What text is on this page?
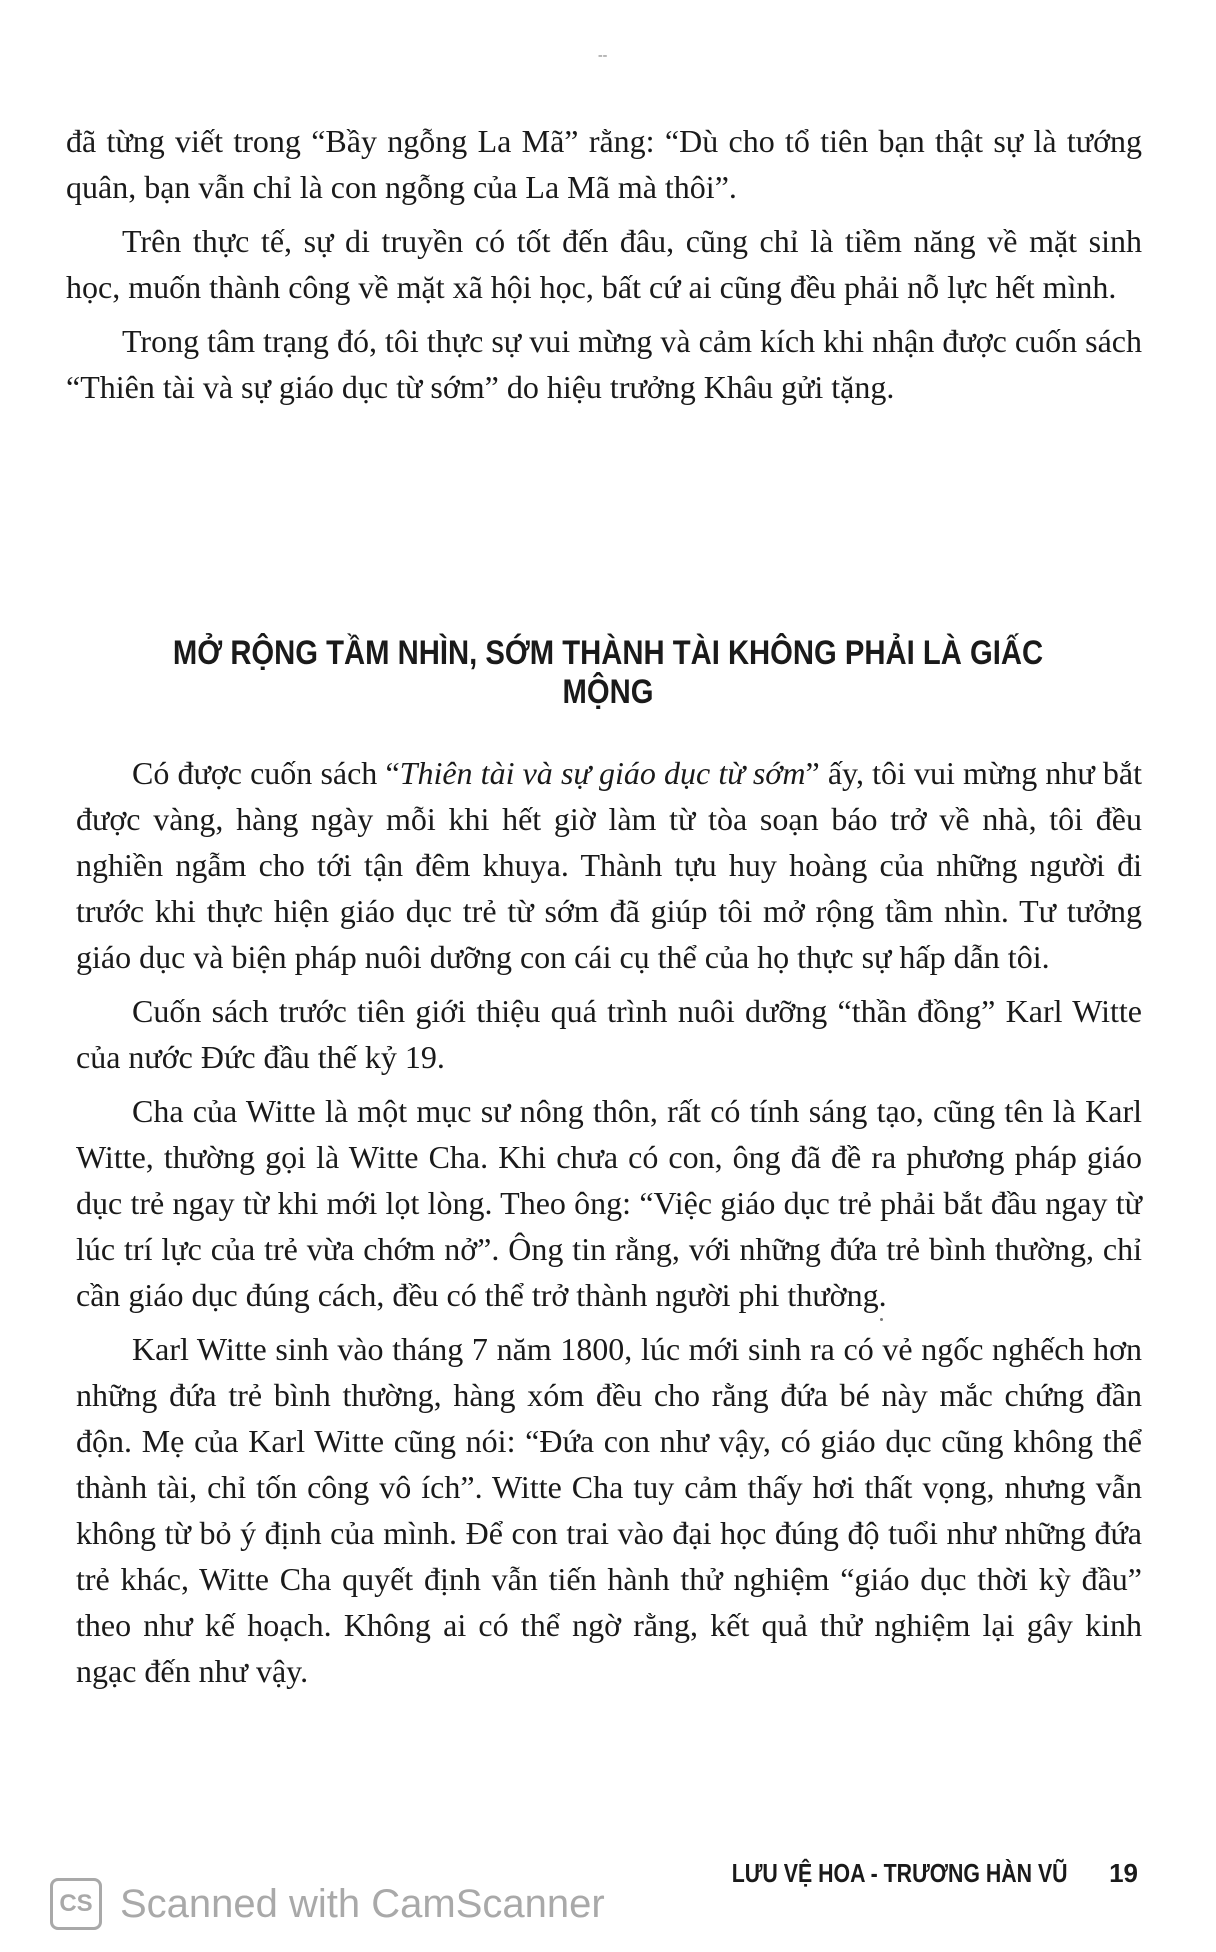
--

đã từng viết trong “Bầy ngỗng La Mã” rằng: “Dù cho tổ tiên bạn thật sự là tướng quân, bạn vẫn chỉ là con ngỗng của La Mã mà thôi”.

Trên thực tế, sự di truyền có tốt đến đâu, cũng chỉ là tiềm năng về mặt sinh học, muốn thành công về mặt xã hội học, bất cứ ai cũng đều phải nỗ lực hết mình.

Trong tâm trạng đó, tôi thực sự vui mừng và cảm kích khi nhận được cuốn sách “Thiên tài và sự giáo dục từ sớm” do hiệu trưởng Khâu gửi tặng.

MỞ RỘNG TẦM NHÌN, SỚM THÀNH TÀI KHÔNG PHẢI LÀ GIẤC MỘNG

Có được cuốn sách “Thiên tài và sự giáo dục từ sớm” ấy, tôi vui mừng như bắt được vàng, hàng ngày mỗi khi hết giờ làm từ tòa soạn báo trở về nhà, tôi đều nghiền ngẫm cho tới tận đêm khuya. Thành tựu huy hoàng của những người đi trước khi thực hiện giáo dục trẻ từ sớm đã giúp tôi mở rộng tầm nhìn. Tư tưởng giáo dục và biện pháp nuôi dưỡng con cái cụ thể của họ thực sự hấp dẫn tôi.

Cuốn sách trước tiên giới thiệu quá trình nuôi dưỡng “thần đồng” Karl Witte của nước Đức đầu thế kỷ 19.

Cha của Witte là một mục sư nông thôn, rất có tính sáng tạo, cũng tên là Karl Witte, thường gọi là Witte Cha. Khi chưa có con, ông đã đề ra phương pháp giáo dục trẻ ngay từ khi mới lọt lòng. Theo ông: “Việc giáo dục trẻ phải bắt đầu ngay từ lúc trí lực của trẻ vừa chớm nở”. Ông tin rằng, với những đứa trẻ bình thường, chỉ cần giáo dục đúng cách, đều có thể trở thành người phi thường.

Karl Witte sinh vào tháng 7 năm 1800, lúc mới sinh ra có vẻ ngốc nghếch hơn những đứa trẻ bình thường, hàng xóm đều cho rằng đứa bé này mắc chứng đần độn. Mẹ của Karl Witte cũng nói: “Đứa con như vậy, có giáo dục cũng không thể thành tài, chỉ tốn công vô ích”. Witte Cha tuy cảm thấy hơi thất vọng, nhưng vẫn không từ bỏ ý định của mình. Để con trai vào đại học đúng độ tuổi như những đứa trẻ khác, Witte Cha quyết định vẫn tiến hành thử nghiệm “giáo dục thời kỳ đầu” theo như kế hoạch. Không ai có thể ngờ rằng, kết quả thử nghiệm lại gây kinh ngạc đến như vậy.

LƯU VỆ HOA - TRƯƠNG HÀN VŨ 19
CS Scanned with CamScanner
